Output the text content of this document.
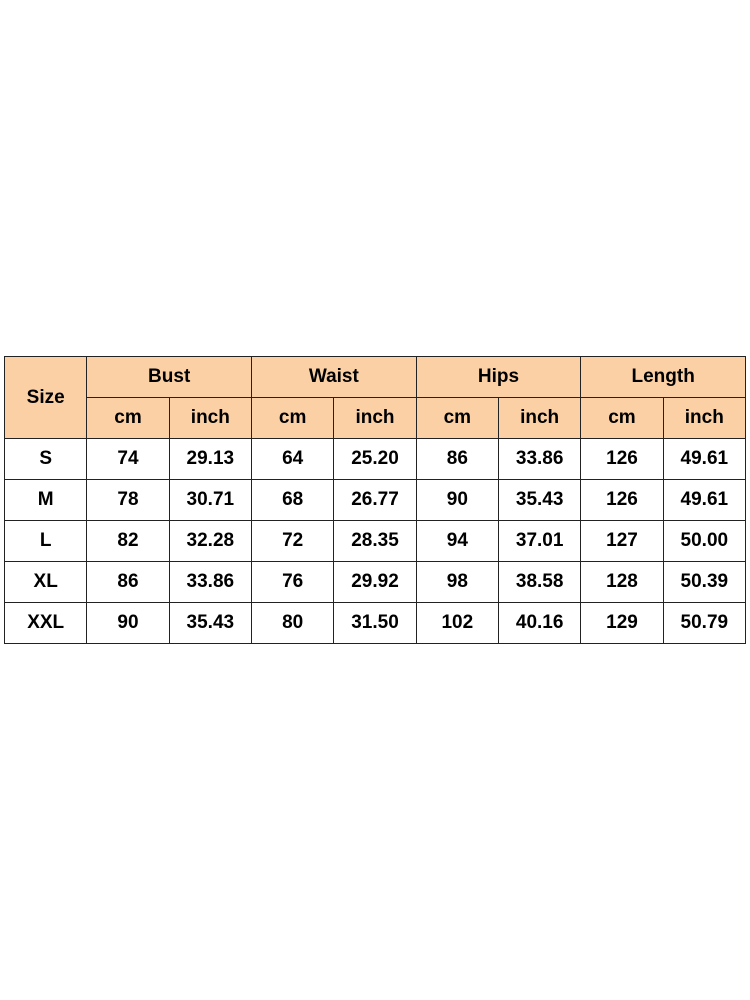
Size	Bust		Waist		Hips		Length	
	cm	inch	cm	inch	cm	inch	cm	inch
S	74	29.13	64	25.20	86	33.86	126	49.61
M	78	30.71	68	26.77	90	35.43	126	49.61
L	82	32.28	72	28.35	94	37.01	127	50.00
XL	86	33.86	76	29.92	98	38.58	128	50.39
XXL	90	35.43	80	31.50	102	40.16	129	50.79
